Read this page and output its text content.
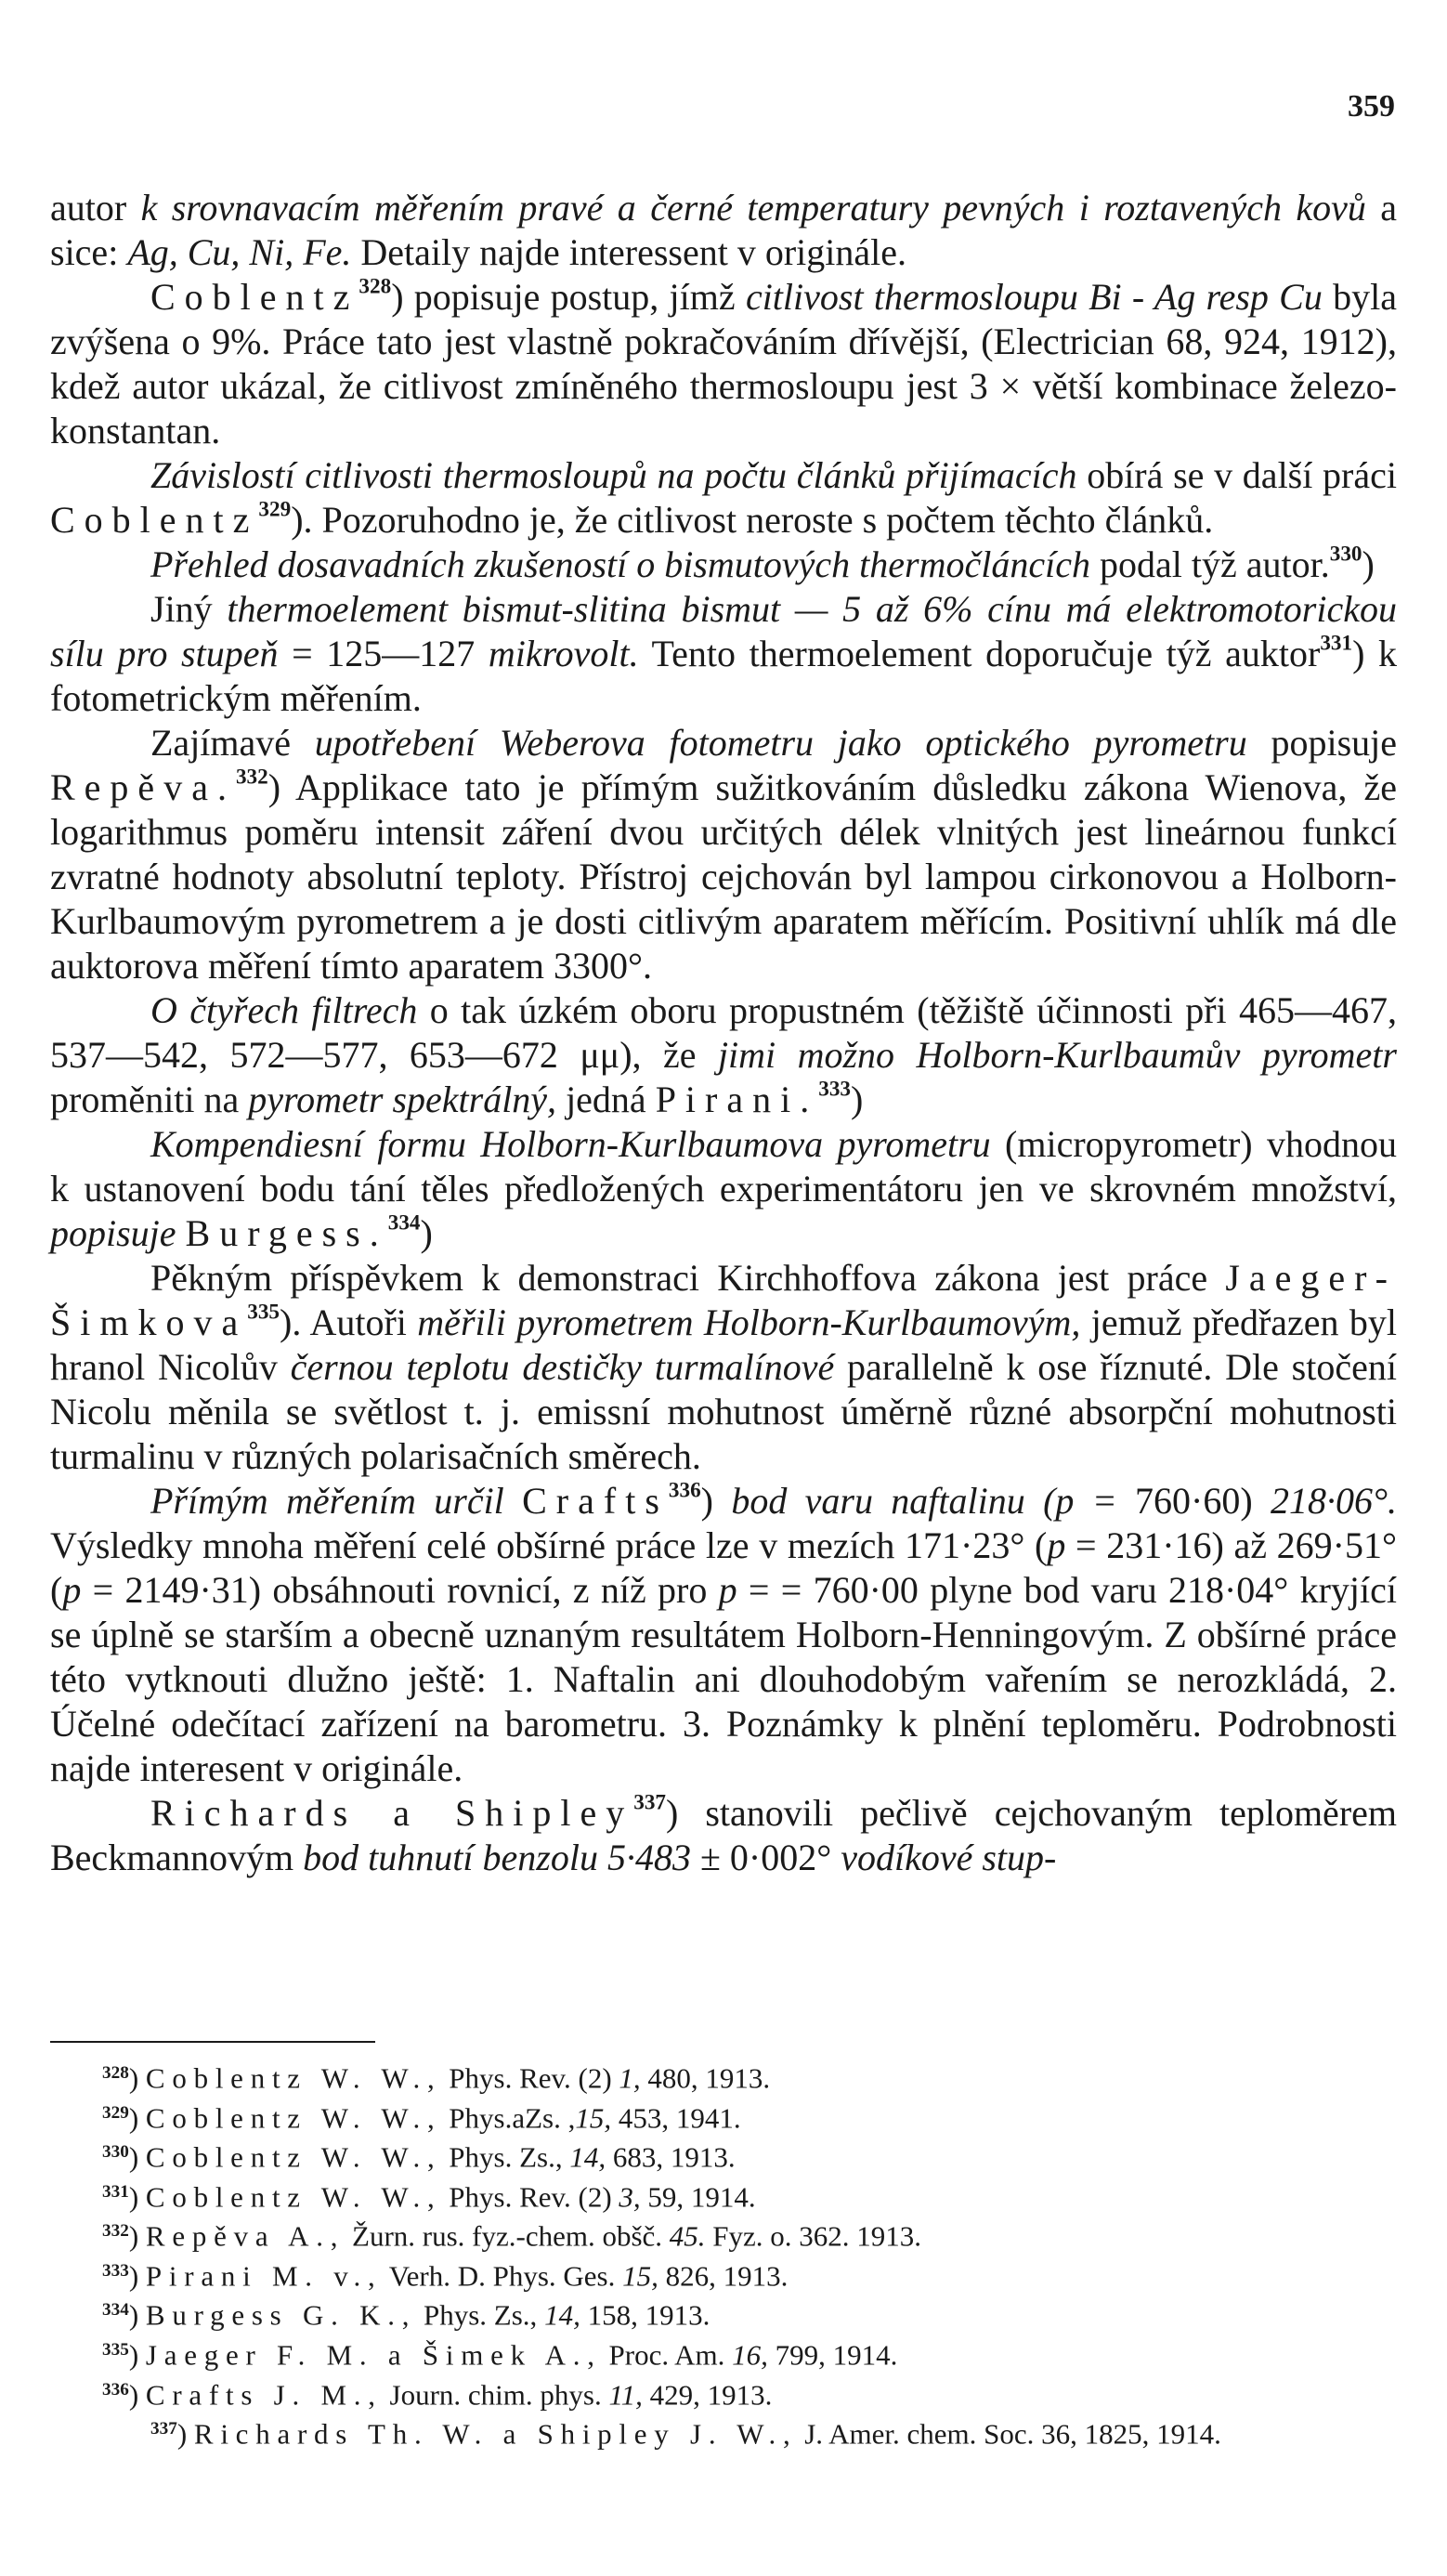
359

autor k srovnavacím měřením pravé a černé temperatury pevných i roztavených kovů a sice: Ag, Cu, Ni, Fe. Detaily najde interessent v originále.

Coblentz$^{328}$) popisuje postup, jímž citlivost thermosloupu Bi - Ag resp Cu byla zvýšena o 9%. Práce tato jest vlastně pokračováním dřívější, (Electrician 68, 924, 1912), kdež autor ukázal, že citlivost zmíněného thermosloupu jest 3 × větší kombinace železo-konstantan.

Závislostí citlivosti thermosloupů na počtu článků přijímacích obírá se v další práci Coblentz$^{329}$). Pozoruhodno je, že citlivost neroste s počtem těchto článků.

Přehled dosavadních zkušeností o bismutových thermočláncích podal týž autor.$^{330}$)

Jiný thermoelement bismut-slitina bismut — 5 až 6% cínu má elektromotorickou sílu pro stupeň = 125—127 mikrovolt. Tento thermoelement doporučuje týž auktor$^{331}$) k fotometrickým měřením.

Zajímavé upotřebení Weberova fotometru jako optického pyrometru popisuje Repěva.$^{332}$) Applikace tato je přímým sužitkováním důsledku zákona Wienova, že logarithmus poměru intensit záření dvou určitých délek vlnitých jest lineárnou funkcí zvratné hodnoty absolutní teploty. Přístroj cejchován byl lampou cirkonovou a Holborn-Kurlbaumovým pyrometrem a je dosti citlivým aparatem měřícím. Positivní uhlík má dle auktorova měření tímto aparatem 3300°.

O čtyřech filtrech o tak úzkém oboru propustném (těžiště účinnosti při 465—467, 537—542, 572—577, 653—672 μμ), že jimi možno Holborn-Kurlbaumův pyrometr proměniti na pyrometr spektrálný, jedná Pirani.$^{333}$)

Kompendiesní formu Holborn-Kurlbaumova pyrometru (micropyrometr) vhodnou k ustanovení bodu tání těles předložených experimentátoru jen ve skrovném množství, popisuje Burgess.$^{334}$)

Pěkným příspěvkem k demonstraci Kirchhoffova zákona jest práce Jaeger-Šimkova$^{335}$). Autoři měřili pyrometrem Holborn-Kurlbaumovým, jemuž předřazen byl hranol Nicolův černou teplotu destičky turmalínové parallelně k ose říznuté. Dle stočení Nicolu měnila se světlost t. j. emissní mohutnost úměrně různé absorpční mohutnosti turmalinu v různých polarisačních směrech.

Přímým měřením určil Crafts$^{336}$) bod varu naftalinu (p = 760·60) 218·06°. Výsledky mnoha měření celé obšírné práce lze v mezích 171·23° (p = 231·16) až 269·51° (p = 2149·31) obsáhnouti rovnicí, z níž pro p = = 760·00 plyne bod varu 218·04° kryjící se úplně se starším a obecně uznaným resultátem Holborn-Henningovým. Z obšírné práce této vytknouti dlužno ještě: 1. Naftalin ani dlouhodobým vařením se nerozkládá, 2. Účelné odečítací zařízení na barometru. 3. Poznámky k plnění teploměru. Podrobnosti najde interesent v originále.

Richards a Shipley$^{337}$) stanovili pečlivě cejchovaným teploměrem Beckmannovým bod tuhnutí benzolu 5·483 ± 0·002° vodíkové stup-

$^{328}$) Coblentz W. W., Phys. Rev. (2) 1, 480, 1913.

$^{329}$) Coblentz W. W., Phys.aZs. ,15, 453, 1941.

$^{330}$) Coblentz W. W., Phys. Zs., 14, 683, 1913.

$^{331}$) Coblentz W. W., Phys. Rev. (2) 3, 59, 1914.

$^{332}$) Repěva A., Žurn. rus. fyz.-chem. obšč. 45. Fyz. o. 362. 1913.

$^{333}$) Pirani M. v., Verh. D. Phys. Ges. 15, 826, 1913.

$^{334}$) Burgess G. K., Phys. Zs., 14, 158, 1913.

$^{335}$) Jaeger F. M. a Šimek A., Proc. Am. 16, 799, 1914.

$^{336}$) Crafts J. M., Journ. chim. phys. 11, 429, 1913.

$^{337}$) Richards Th. W. a Shipley J. W., J. Amer. chem. Soc. 36, 1825, 1914.
